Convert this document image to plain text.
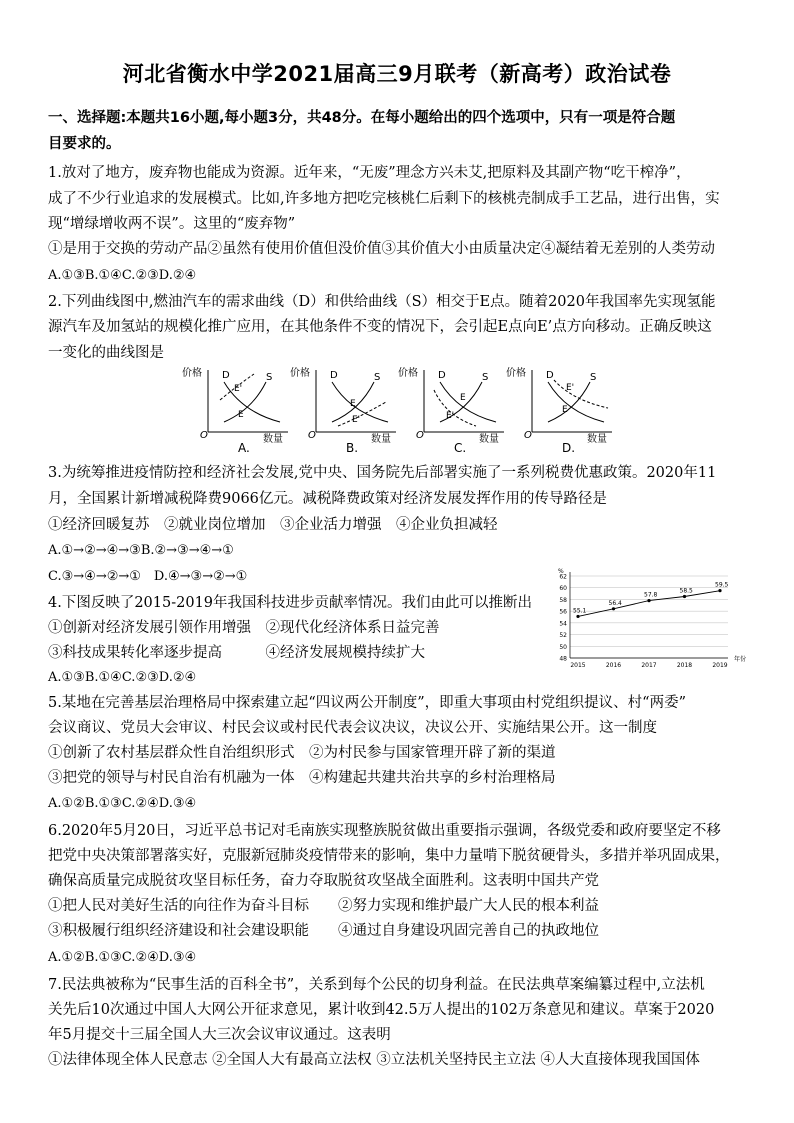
河北省衡水中学2021届高三9月联考（新高考）政治试卷
一、选择题:本题共16小题,每小题3分，共48分。在每小题给出的四个选项中，只有一项是符合题
目要求的。
1.放对了地方，废弃物也能成为资源。近年来，“无废”理念方兴未艾,把原料及其副产物“吃干榨净”，
成了不少行业追求的发展模式。比如,许多地方把吃完核桃仁后剩下的核桃壳制成手工艺品，进行出售，实
现“增绿增收两不误”。这里的“废弃物”
①是用于交换的劳动产品②虽然有使用价值但没价值③其价值大小由质量决定④凝结着无差别的人类劳动
A.①③B.①④C.②③D.②④
2.下列曲线图中,燃油汽车的需求曲线（D）和供给曲线（S）相交于E点。随着2020年我国率先实现氢能
源汽车及加氢站的规模化推广应用，在其他条件不变的情况下，会引起E点向E’点方向移动。正确反映这
一变化的曲线图是
价格
O	数量
D	S
E
E'
A.
价格
O	数量
D	S
E
E'
B.
价格
O	数量
D	S
E
E'
C.
价格
O	数量
D	S
E
E'
D.
3.为统筹推进疫情防控和经济社会发展,党中央、国务院先后部署实施了一系列税费优惠政策。2020年11
月，全国累计新增减税降费9066亿元。减税降费政策对经济发展发挥作用的传导路径是
①经济回暖复苏　②就业岗位增加　③企业活力增强　④企业负担减轻
A.①→②→④→③B.②→③→④→①
C.③→④→②→①　D.④→③→②→①
4.下图反映了2015-2019年我国科技进步贡献率情况。我们由此可以推断出
①创新对经济发展引领作用增强　②现代化经济体系日益完善
③科技成果转化率逐步提高　　　④经济发展规模持续扩大
A.①③B.①④C.②③D.②④
48
50
52
54
56
58
60
62
%
年份
55.1
2015
56.4
2016
57.8
2017
58.5
2018
59.5
2019
5.某地在完善基层治理格局中探索建立起“四议两公开制度”，即重大事项由村党组织提议、村“两委”
会议商议、党员大会审议、村民会议或村民代表会议决议，决议公开、实施结果公开。这一制度
①创新了农村基层群众性自治组织形式　②为村民参与国家管理开辟了新的渠道
③把党的领导与村民自治有机融为一体　④构建起共建共治共享的乡村治理格局
A.①②B.①③C.②④D.③④
6.2020年5月20日，习近平总书记对毛南族实现整族脱贫做出重要指示强调，各级党委和政府要坚定不移
把党中央决策部署落实好，克服新冠肺炎疫情带来的影响，集中力量啃下脱贫硬骨头，多措并举巩固成果，
确保高质量完成脱贫攻坚目标任务，奋力夺取脱贫攻坚战全面胜利。这表明中国共产党
①把人民对美好生活的向往作为奋斗目标　　②努力实现和维护最广大人民的根本利益
③积极履行组织经济建设和社会建设职能　　④通过自身建设巩固完善自己的执政地位
A.①②B.①③C.②④D.③④
7.民法典被称为“民事生活的百科全书”，关系到每个公民的切身利益。在民法典草案编纂过程中,立法机
关先后10次通过中国人大网公开征求意见，累计收到42.5万人提出的102万条意见和建议。草案于2020
年5月提交十三届全国人大三次会议审议通过。这表明
①法律体现全体人民意志 ②全国人大有最高立法权 ③立法机关坚持民主立法 ④人大直接体现我国国体
